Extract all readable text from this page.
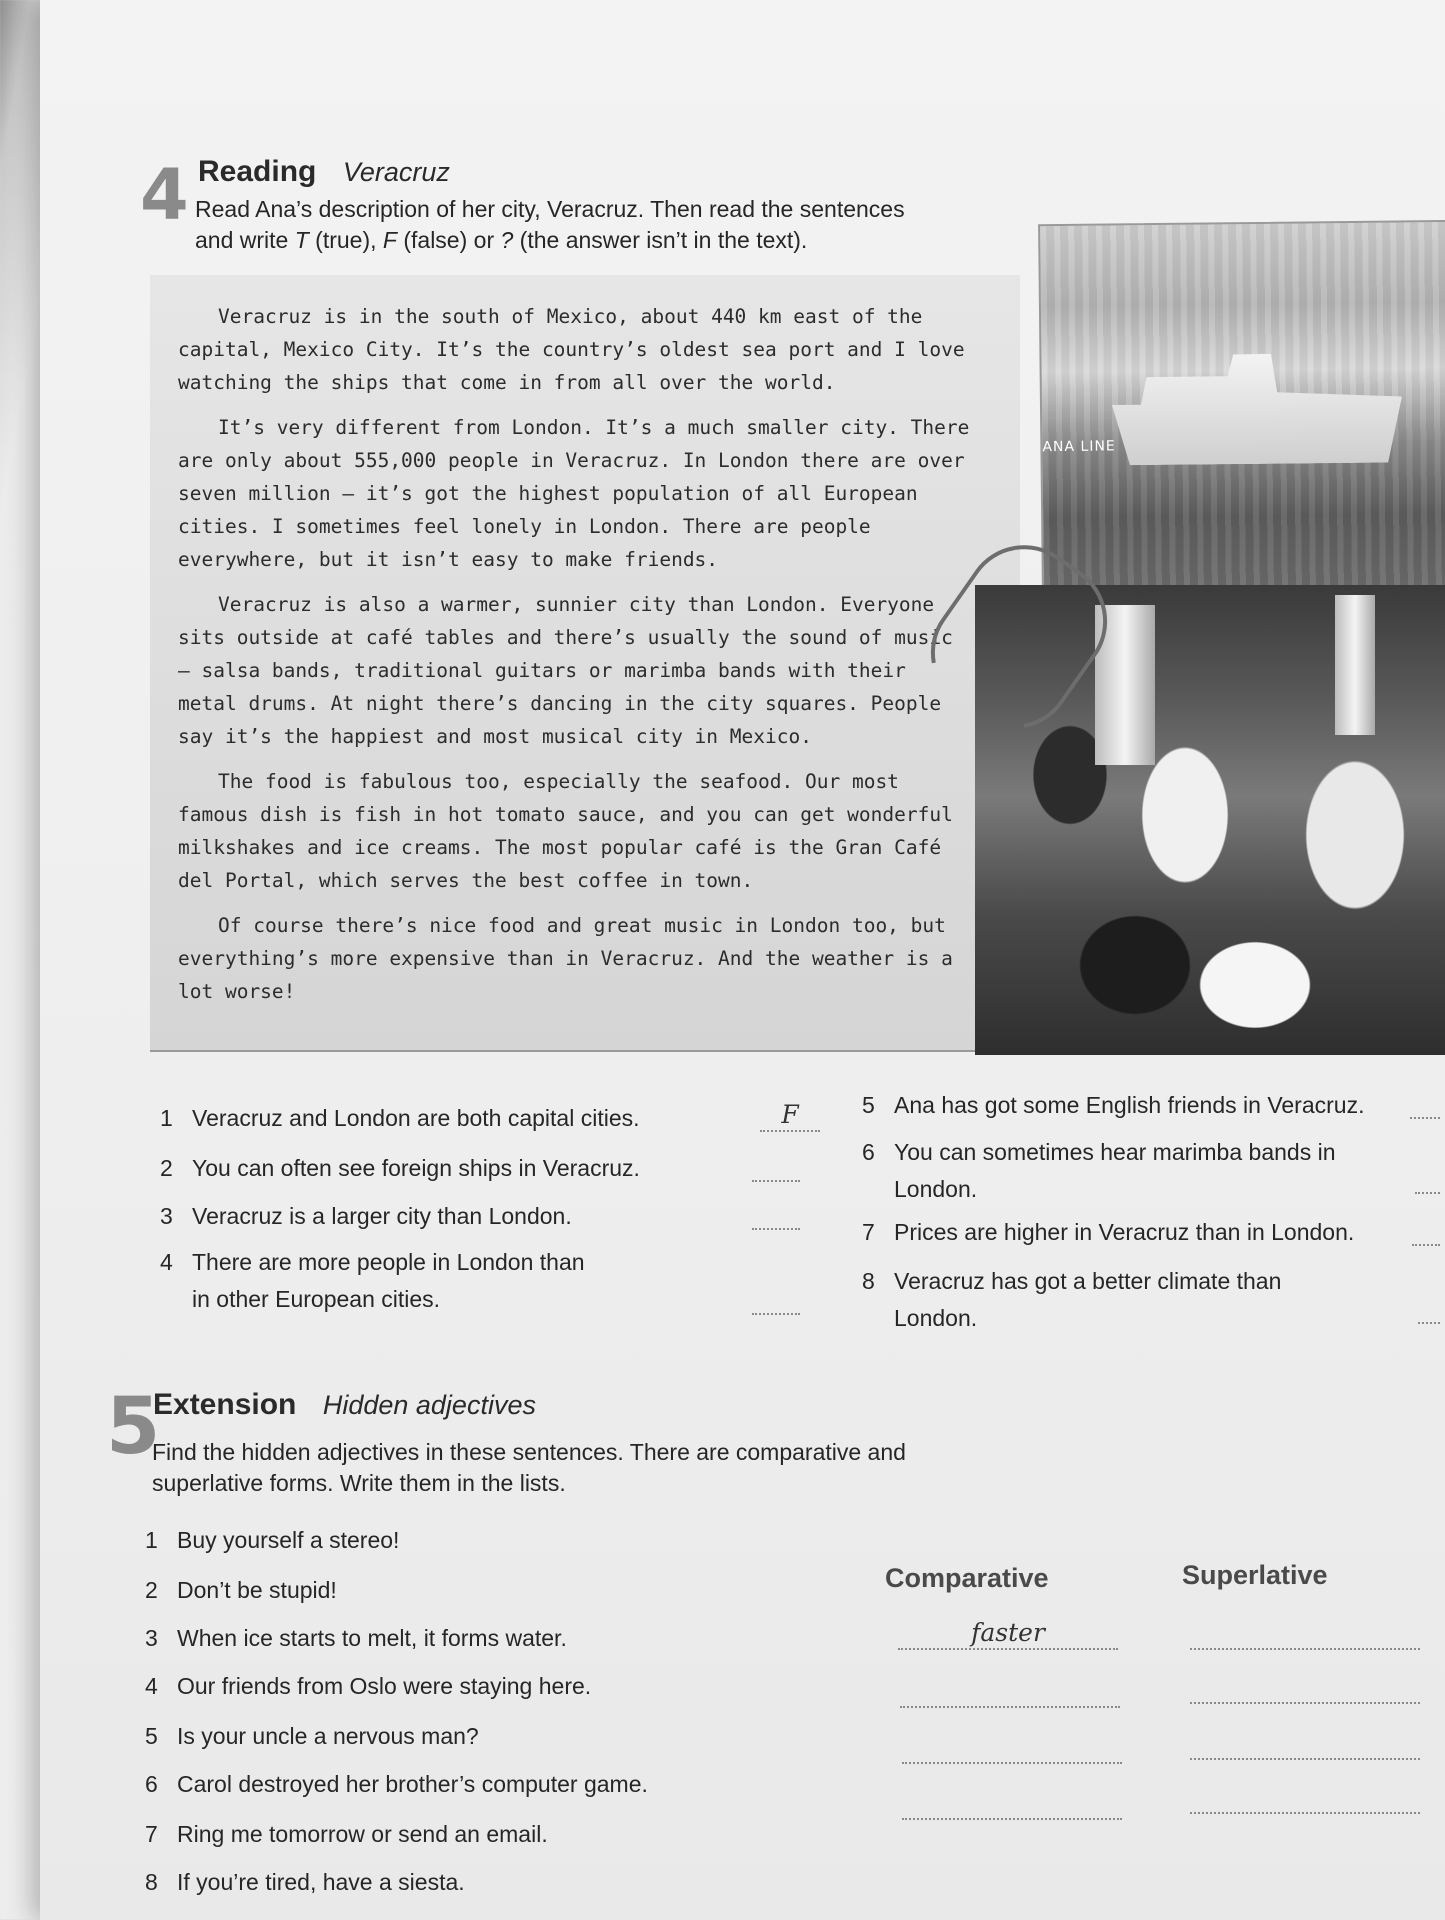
4 Reading Veracruz
Read Ana’s description of her city, Veracruz. Then read the sentences
and write T (true), F (false) or ? (the answer isn’t in the text).

Veracruz is in the south of Mexico, about 440 km east of the capital, Mexico City. It’s the country’s oldest sea port and I love watching the ships that come in from all over the world.

It’s very different from London. It’s a much smaller city. There are only about 555,000 people in Veracruz. In London there are over seven million – it’s got the highest population of all European cities. I sometimes feel lonely in London. There are people everywhere, but it isn’t easy to make friends.

Veracruz is also a warmer, sunnier city than London. Everyone sits outside at café tables and there’s usually the sound of music – salsa bands, traditional guitars or marimba bands with their metal drums. At night there’s dancing in the city squares. People say it’s the happiest and most musical city in Mexico.

The food is fabulous too, especially the seafood. Our most famous dish is fish in hot tomato sauce, and you can get wonderful milkshakes and ice creams. The most popular café is the Gran Café del Portal, which serves the best coffee in town.

Of course there’s nice food and great music in London too, but everything’s more expensive than in Veracruz. And the weather is a lot worse!

ANA LINE
1 Veracruz and London are both capital cities.	F
2 You can often see foreign ships in Veracruz.
3 Veracruz is a larger city than London.
4 There are more people in London than
in other European cities.
5 Ana has got some English friends in Veracruz.
6 You can sometimes hear marimba bands in
London.
7 Prices are higher in Veracruz than in London.
8 Veracruz has got a better climate than
London.
5
Extension Hidden adjectives
Find the hidden adjectives in these sentences. There are comparative and
superlative forms. Write them in the lists.
1 Buy yourself a stereo!
2 Don’t be stupid!
3 When ice starts to melt, it forms water.
4 Our friends from Oslo were staying here.
5 Is your uncle a nervous man?
6 Carol destroyed her brother’s computer game.
7 Ring me tomorrow or send an email.
8 If you’re tired, have a siesta.
Comparative	Superlative
faster
